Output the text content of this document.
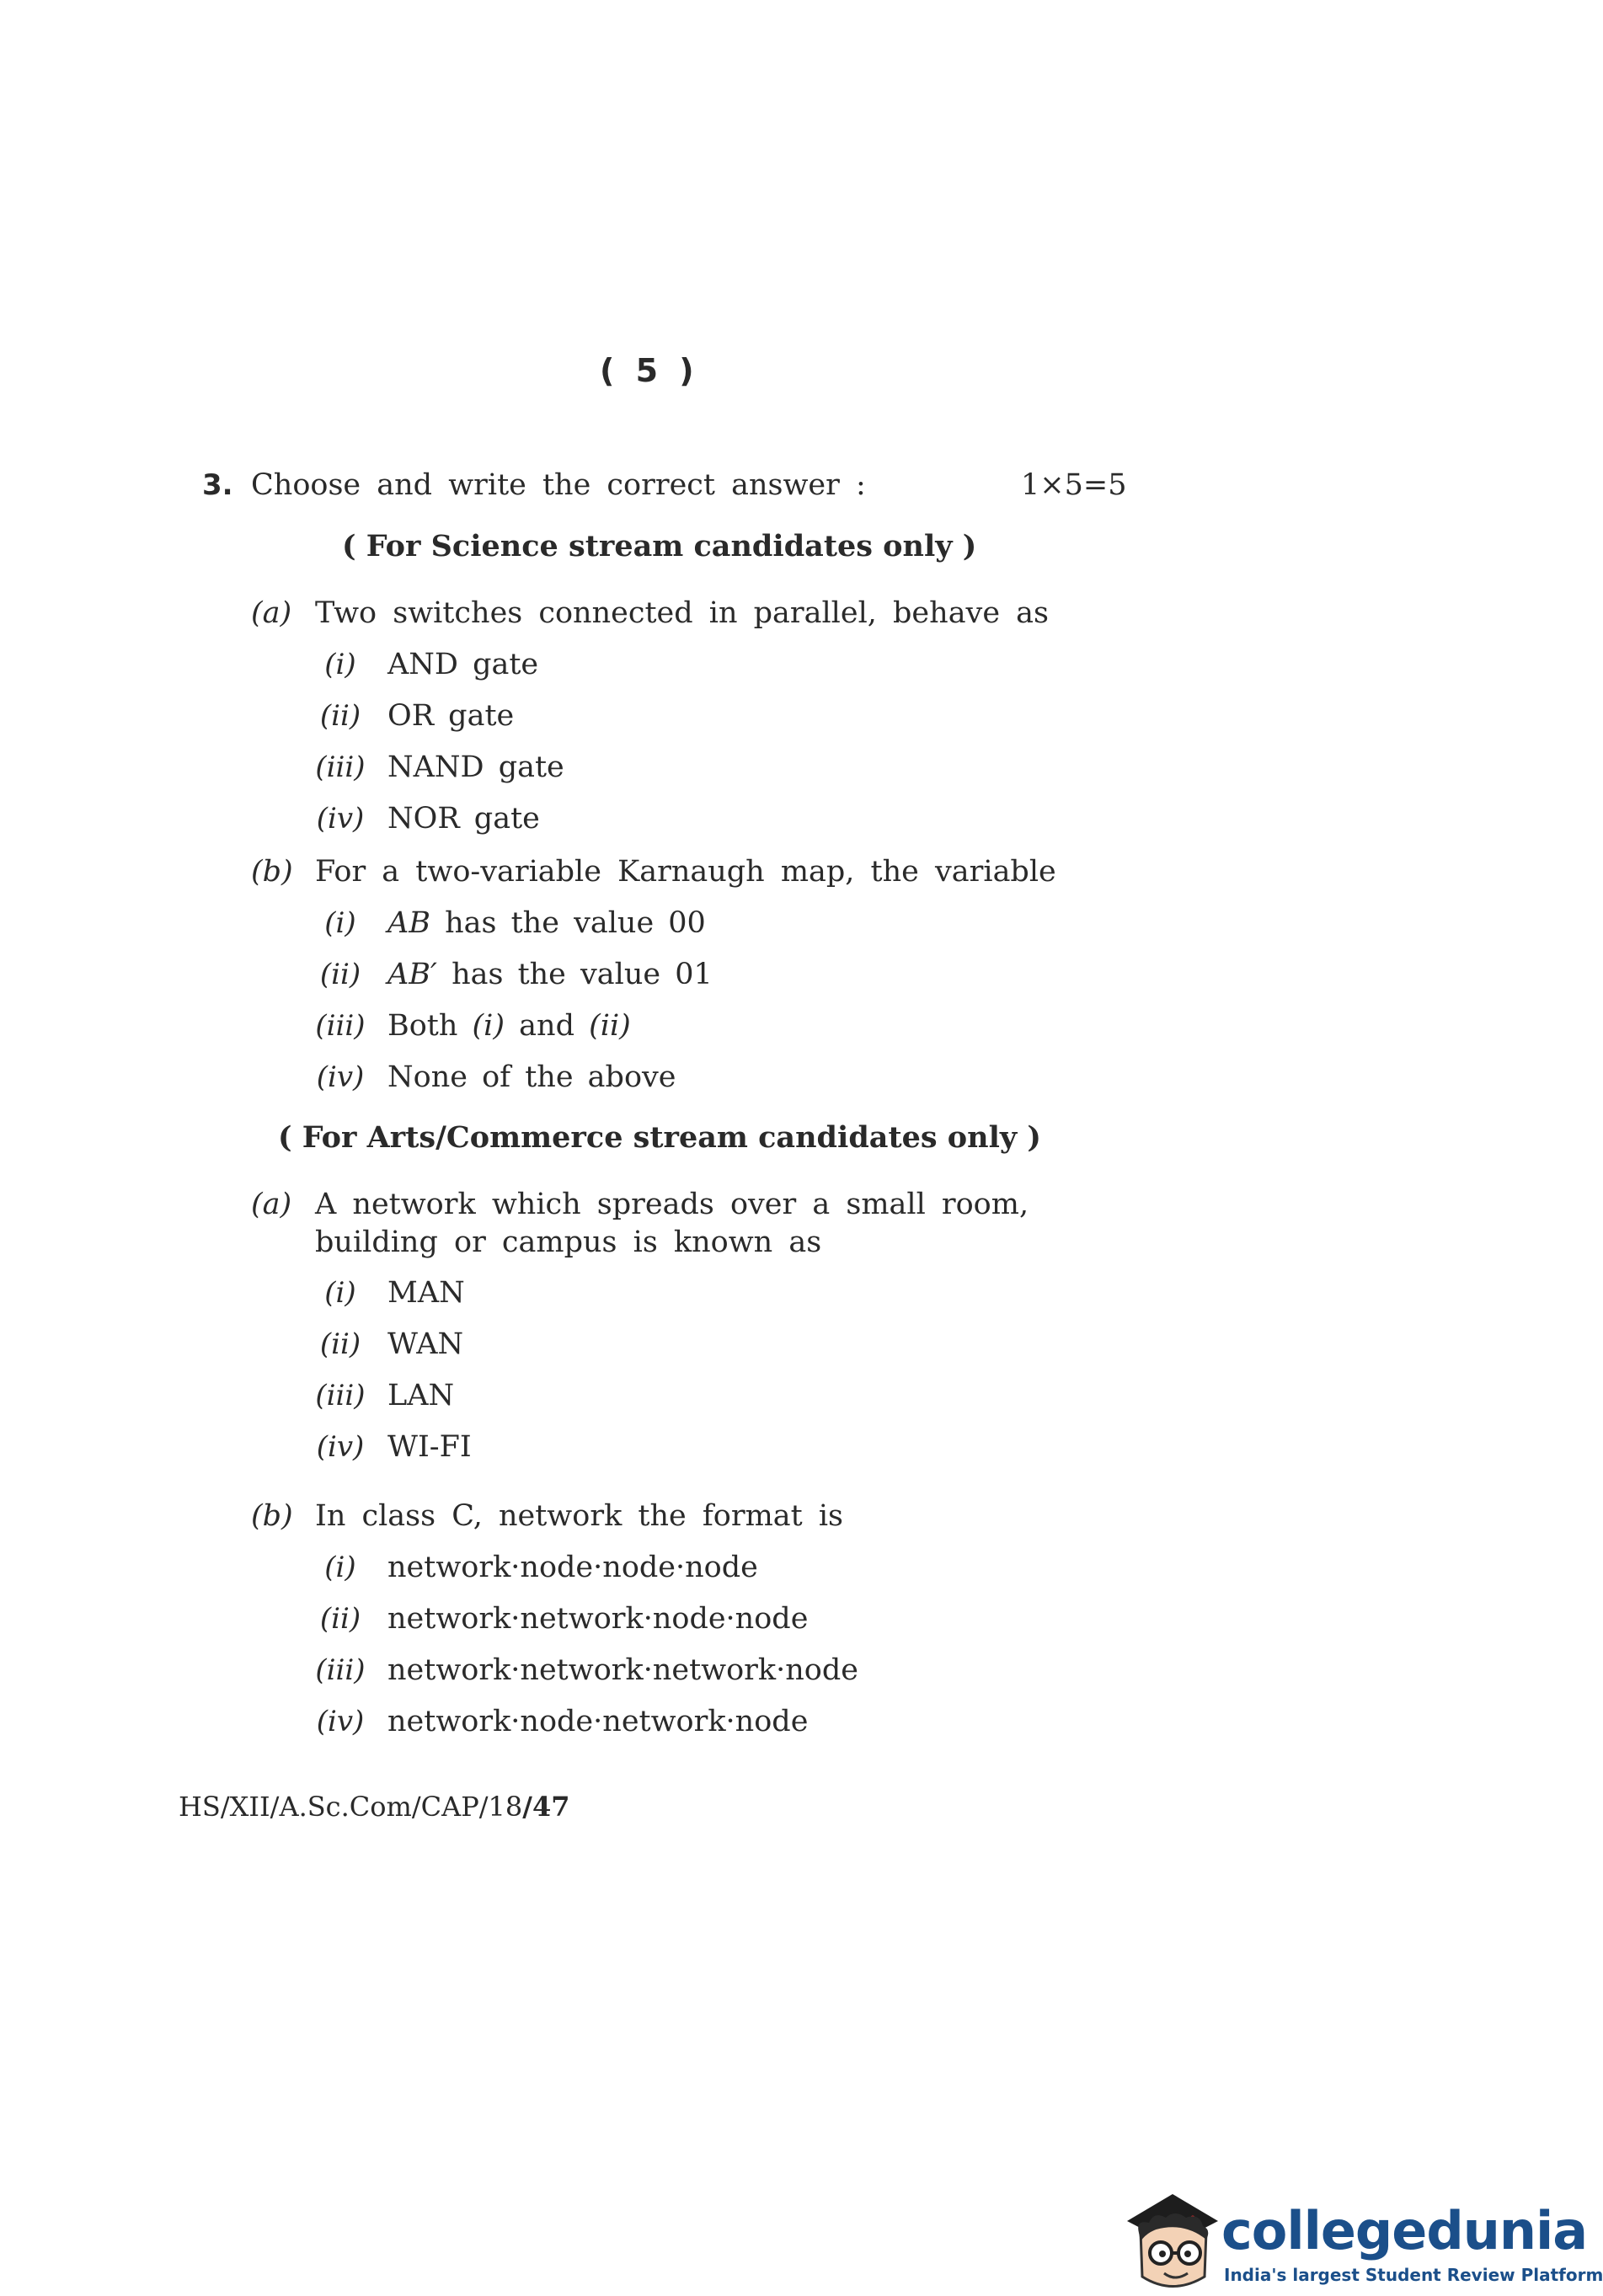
( 5 )
3. Choose and write the correct answer :	1×5=5
( For Science stream candidates only )
(a) Two switches connected in parallel, behave as
(i)	AND gate
(ii) OR gate
(iii) NAND gate
(iv) NOR gate
(b) For a two-variable Karnaugh map, the variable
(i)	AB has the value 00
(ii) AB′ has the value 01
(iii) Both (i) and (ii)
(iv) None of the above
( For Arts/Commerce stream candidates only )
(a) A network which spreads over a small room,
building or campus is known as
(i)	MAN
(ii) WAN
(iii) LAN
(iv) WI-FI
(b) In class C, network the format is
(i)	network·node·node·node
(ii) network·network·node·node
(iii) network·network·network·node
(iv) network·node·network·node
HS/XII/A.Sc.Com/CAP/18/47
collegedunia
India's largest Student Review Platform
